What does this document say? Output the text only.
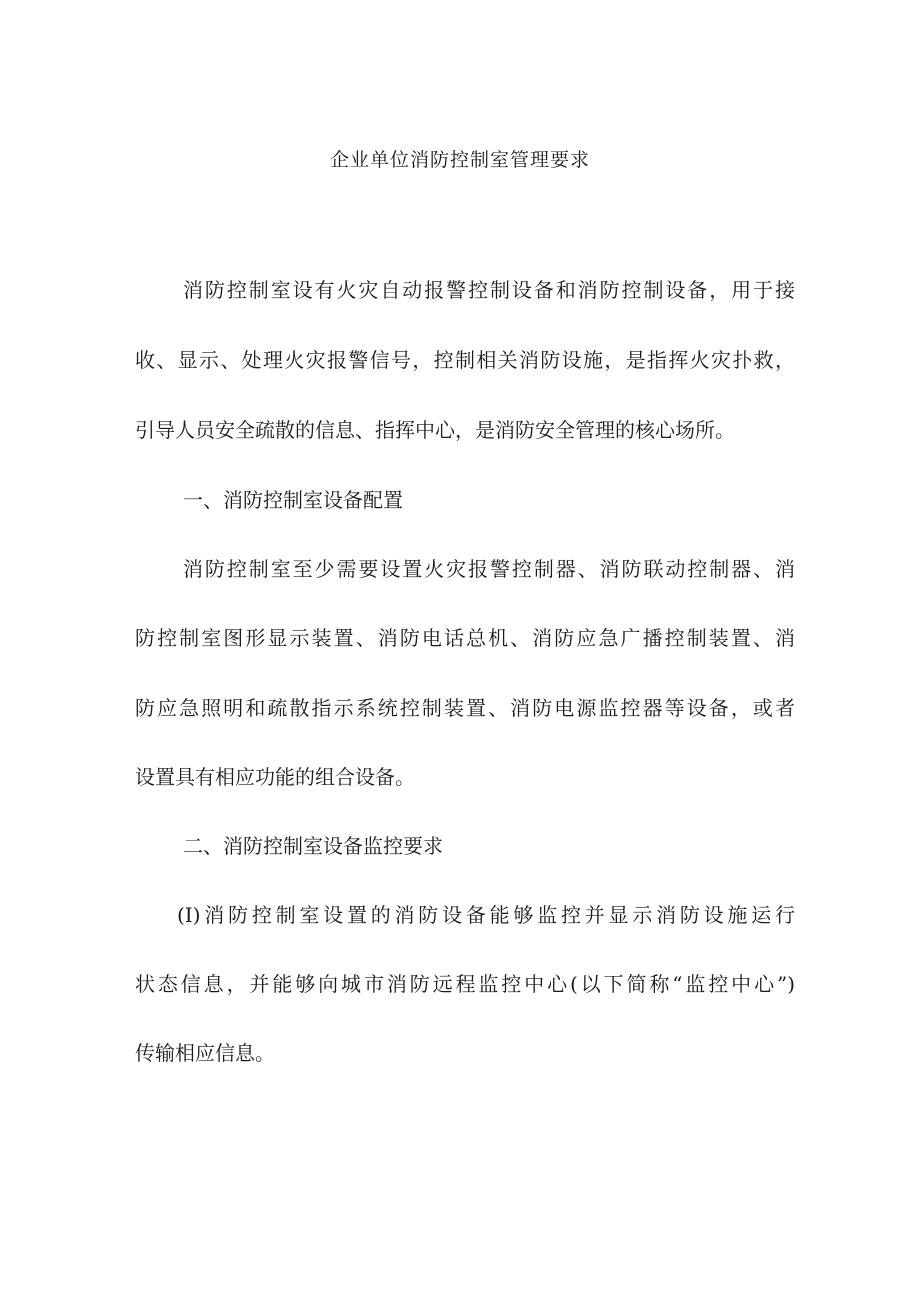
企业单位消防控制室管理要求
消防控制室设有火灾自动报警控制设备和消防控制设备，用于接
收、显示、处理火灾报警信号，控制相关消防设施，是指挥火灾扑救，
引导人员安全疏散的信息、指挥中心，是消防安全管理的核心场所。
一、消防控制室设备配置
消防控制室至少需要设置火灾报警控制器、消防联动控制器、消
防控制室图形显示装置、消防电话总机、消防应急广播控制装置、消
防应急照明和疏散指示系统控制装置、消防电源监控器等设备，或者
设置具有相应功能的组合设备。
二、消防控制室设备监控要求
(I)消防控制室设置的消防设备能够监控并显示消防设施运行
状态信息，并能够向城市消防远程监控中心(以下简称“监控中心”)
传输相应信息。
